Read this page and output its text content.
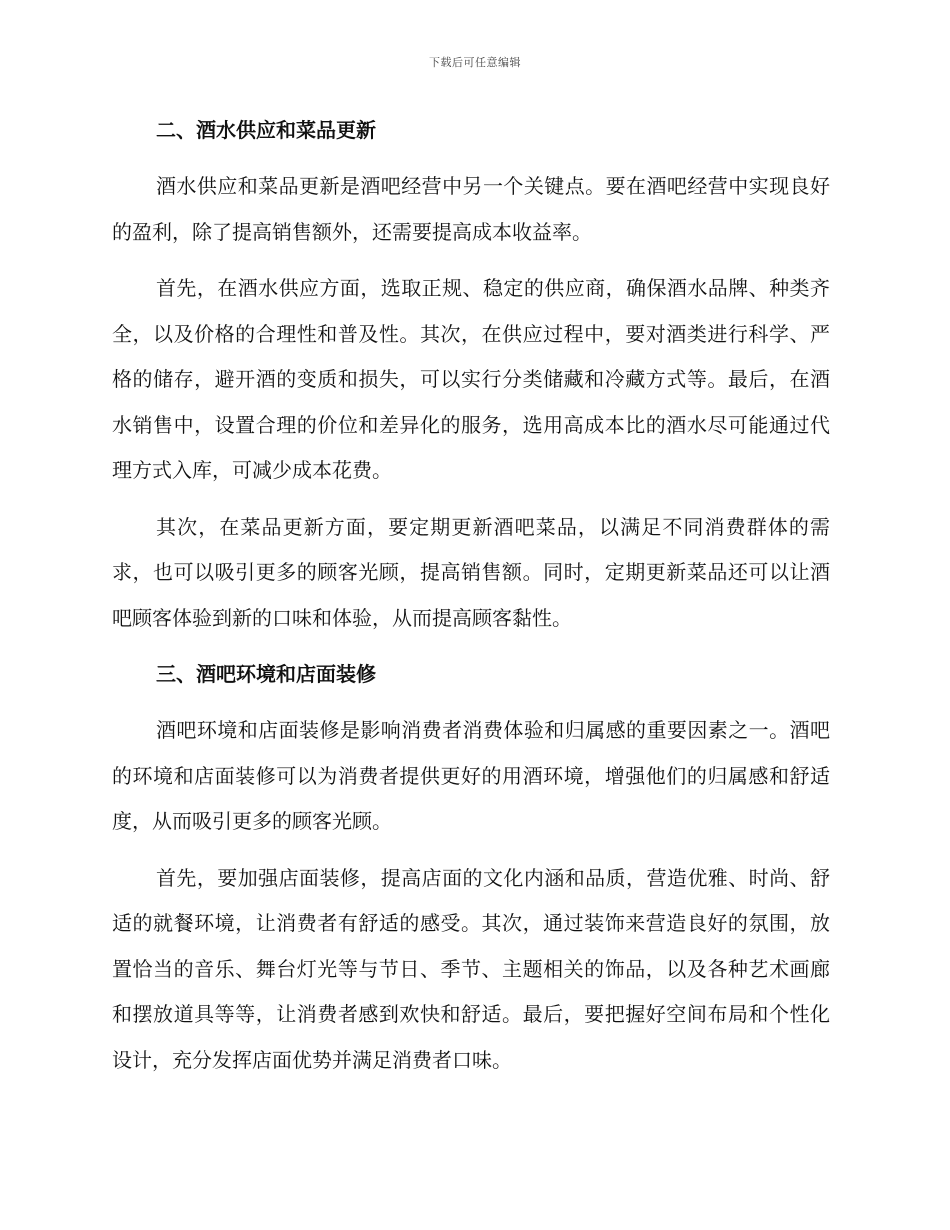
下载后可任意编辑
二、酒水供应和菜品更新

酒水供应和菜品更新是酒吧经营中另一个关键点。要在酒吧经营中实现良好的盈利，除了提高销售额外，还需要提高成本收益率。

首先，在酒水供应方面，选取正规、稳定的供应商，确保酒水品牌、种类齐全，以及价格的合理性和普及性。其次，在供应过程中，要对酒类进行科学、严格的储存，避开酒的变质和损失，可以实行分类储藏和冷藏方式等。最后，在酒水销售中，设置合理的价位和差异化的服务，选用高成本比的酒水尽可能通过代理方式入库，可减少成本花费。

其次，在菜品更新方面，要定期更新酒吧菜品，以满足不同消费群体的需求，也可以吸引更多的顾客光顾，提高销售额。同时，定期更新菜品还可以让酒吧顾客体验到新的口味和体验，从而提高顾客黏性。

三、酒吧环境和店面装修

酒吧环境和店面装修是影响消费者消费体验和归属感的重要因素之一。酒吧的环境和店面装修可以为消费者提供更好的用酒环境，增强他们的归属感和舒适度，从而吸引更多的顾客光顾。

首先，要加强店面装修，提高店面的文化内涵和品质，营造优雅、时尚、舒适的就餐环境，让消费者有舒适的感受。其次，通过装饰来营造良好的氛围，放置恰当的音乐、舞台灯光等与节日、季节、主题相关的饰品，以及各种艺术画廊和摆放道具等等，让消费者感到欢快和舒适。最后，要把握好空间布局和个性化设计，充分发挥店面优势并满足消费者口味。
